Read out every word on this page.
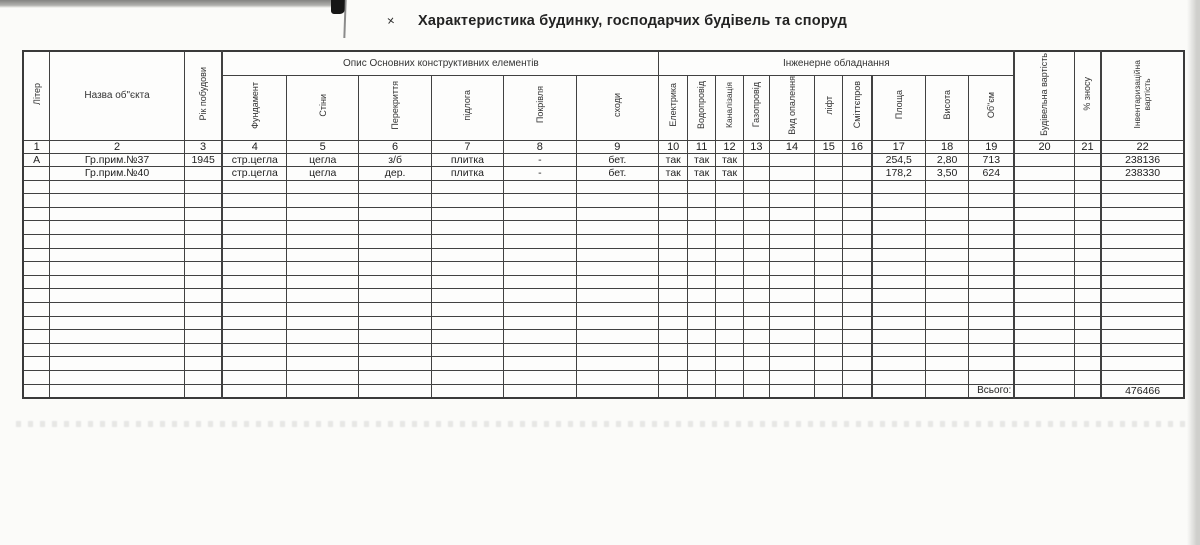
×	Характеристика будинку, господарчих будівель та споруд
Літер	Назва об"єкта	Рік побудови	Опис Основних конструктивних елементів						Інженерне обладнання										Будівельна вартість	% зносу	Інвентаризаційна вартість
			Фундамент	Стіни	Перекриття	підлога	Покрівля	сходи	Електрика	Водопровід	Каналізація	Газопровід	Вид опалення	ліфт	Сміттєпров	Площа	Висота	Об"єм			
1	2	3	4	5	6	7	8	9	10	11	12	13	14	15	16	17	18	19	20	21	22
А	Гр.прим.№37	1945	стр.цегла	цегла	з/б	плитка	-	бет.	так	так	так					254,5	2,80	713			238136
	Гр.прим.№40		стр.цегла	цегла	дер.	плитка	-	бет.	так	так	так					178,2	3,50	624			238330

																		Всього:			476466
